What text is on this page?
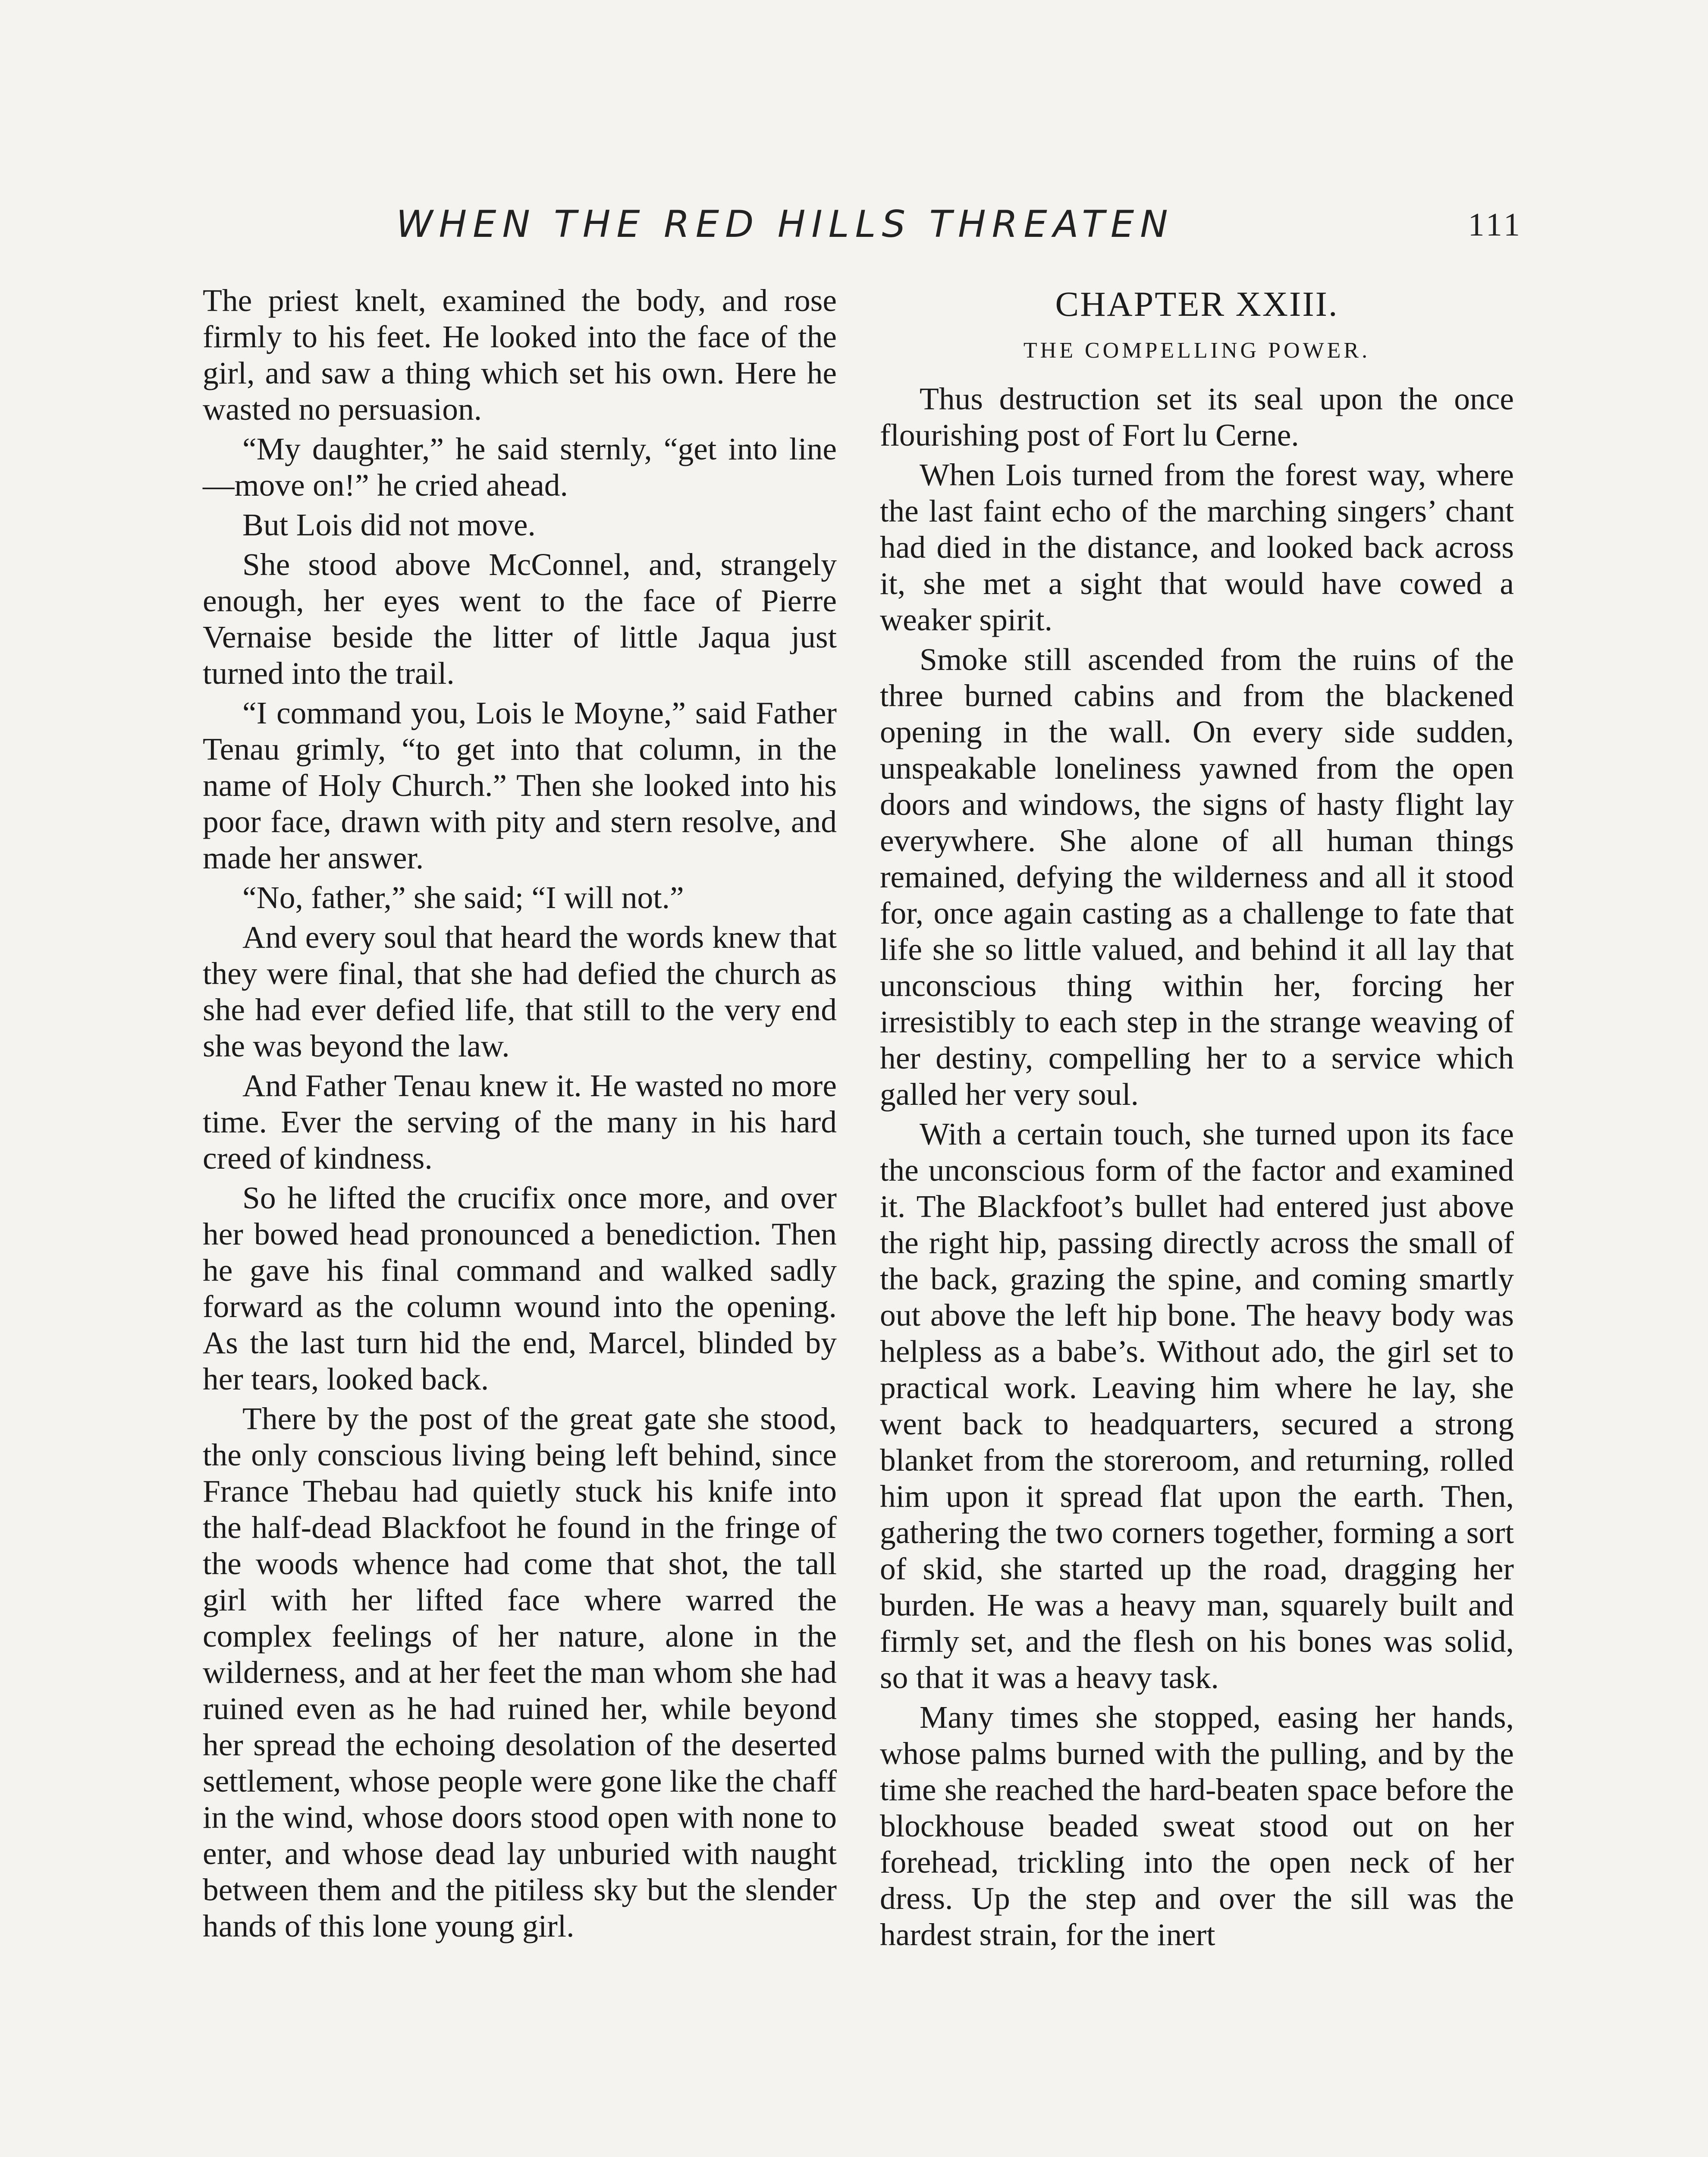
WHEN THE RED HILLS THREATEN	111

The priest knelt, examined the body, and rose firmly to his feet. He looked into the face of the girl, and saw a thing which set his own. Here he wasted no persuasion.

“My daughter,” he said sternly, “get into line—move on!” he cried ahead.

But Lois did not move.

She stood above McConnel, and, strangely enough, her eyes went to the face of Pierre Vernaise beside the litter of little Jaqua just turned into the trail.

“I command you, Lois le Moyne,” said Father Tenau grimly, “to get into that column, in the name of Holy Church.” Then she looked into his poor face, drawn with pity and stern resolve, and made her answer.

“No, father,” she said; “I will not.”

And every soul that heard the words knew that they were final, that she had defied the church as she had ever defied life, that still to the very end she was beyond the law.

And Father Tenau knew it. He wasted no more time. Ever the serving of the many in his hard creed of kindness.

So he lifted the crucifix once more, and over her bowed head pronounced a benediction. Then he gave his final command and walked sadly forward as the column wound into the opening. As the last turn hid the end, Marcel, blinded by her tears, looked back.

There by the post of the great gate she stood, the only conscious living being left behind, since France Thebau had quietly stuck his knife into the half-dead Blackfoot he found in the fringe of the woods whence had come that shot, the tall girl with her lifted face where warred the complex feelings of her nature, alone in the wilderness, and at her feet the man whom she had ruined even as he had ruined her, while beyond her spread the echoing desolation of the deserted settlement, whose people were gone like the chaff in the wind, whose doors stood open with none to enter, and whose dead lay unburied with naught between them and the pitiless sky but the slender hands of this lone young girl.

CHAPTER XXIII.
THE COMPELLING POWER.

Thus destruction set its seal upon the once flourishing post of Fort lu Cerne.

When Lois turned from the forest way, where the last faint echo of the marching singers’ chant had died in the distance, and looked back across it, she met a sight that would have cowed a weaker spirit.

Smoke still ascended from the ruins of the three burned cabins and from the blackened opening in the wall. On every side sudden, unspeakable loneliness yawned from the open doors and windows, the signs of hasty flight lay everywhere. She alone of all human things remained, defying the wilderness and all it stood for, once again casting as a challenge to fate that life she so little valued, and behind it all lay that unconscious thing within her, forcing her irresistibly to each step in the strange weaving of her destiny, compelling her to a service which galled her very soul.

With a certain touch, she turned upon its face the unconscious form of the factor and examined it. The Blackfoot’s bullet had entered just above the right hip, passing directly across the small of the back, grazing the spine, and coming smartly out above the left hip bone. The heavy body was helpless as a babe’s. Without ado, the girl set to practical work. Leaving him where he lay, she went back to headquarters, secured a strong blanket from the storeroom, and returning, rolled him upon it spread flat upon the earth. Then, gathering the two corners together, forming a sort of skid, she started up the road, dragging her burden. He was a heavy man, squarely built and firmly set, and the flesh on his bones was solid, so that it was a heavy task.

Many times she stopped, easing her hands, whose palms burned with the pulling, and by the time she reached the hard-beaten space before the blockhouse beaded sweat stood out on her forehead, trickling into the open neck of her dress. Up the step and over the sill was the hardest strain, for the inert
